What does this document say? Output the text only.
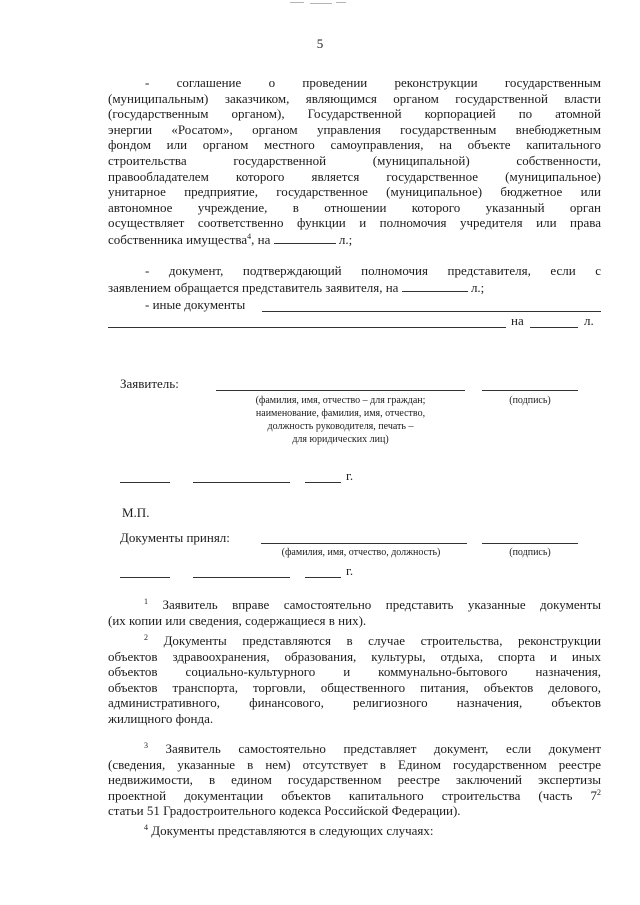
5
- соглашение о проведении реконструкции государственным
(муниципальным) заказчиком, являющимся органом государственной власти
(государственным органом), Государственной корпорацией по атомной
энергии «Росатом», органом управления государственным внебюджетным
фондом или органом местного самоуправления, на объекте капитального
строительства государственной (муниципальной) собственности,
правообладателем которого является государственное (муниципальное)
унитарное предприятие, государственное (муниципальное) бюджетное или
автономное учреждение, в отношении которого указанный орган
осуществляет соответственно функции и полномочия учредителя или права
собственника имущества$^4$, на	л.;
- документ, подтверждающий полномочия представителя, если с
заявлением обращается представитель заявителя, на	л.;
- иные документы
на	л.
Заявитель:
(фамилия, имя, отчество – для граждан;
наименование, фамилия, имя, отчество,
должность руководителя, печать –
для юридических лиц)
(подпись)
г.
М.П.
Документы принял:
(фамилия, имя, отчество, должность)	(подпись)
г.
$^1$ Заявитель вправе самостоятельно представить указанные документы
(их копии или сведения, содержащиеся в них).
$^2$ Документы представляются в случае строительства, реконструкции
объектов здравоохранения, образования, культуры, отдыха, спорта и иных
объектов социально-культурного и коммунально-бытового назначения,
объектов транспорта, торговли, общественного питания, объектов делового,
административного, финансового, религиозного назначения, объектов
жилищного фонда.
$^3$ Заявитель самостоятельно представляет документ, если документ
(сведения, указанные в нем) отсутствует в Едином государственном реестре
недвижимости, в едином государственном реестре заключений экспертизы
проектной документации объектов капитального строительства (часть $7^2$
статьи 51 Градостроительного кодекса Российской Федерации).
$^4$ Документы представляются в следующих случаях:
